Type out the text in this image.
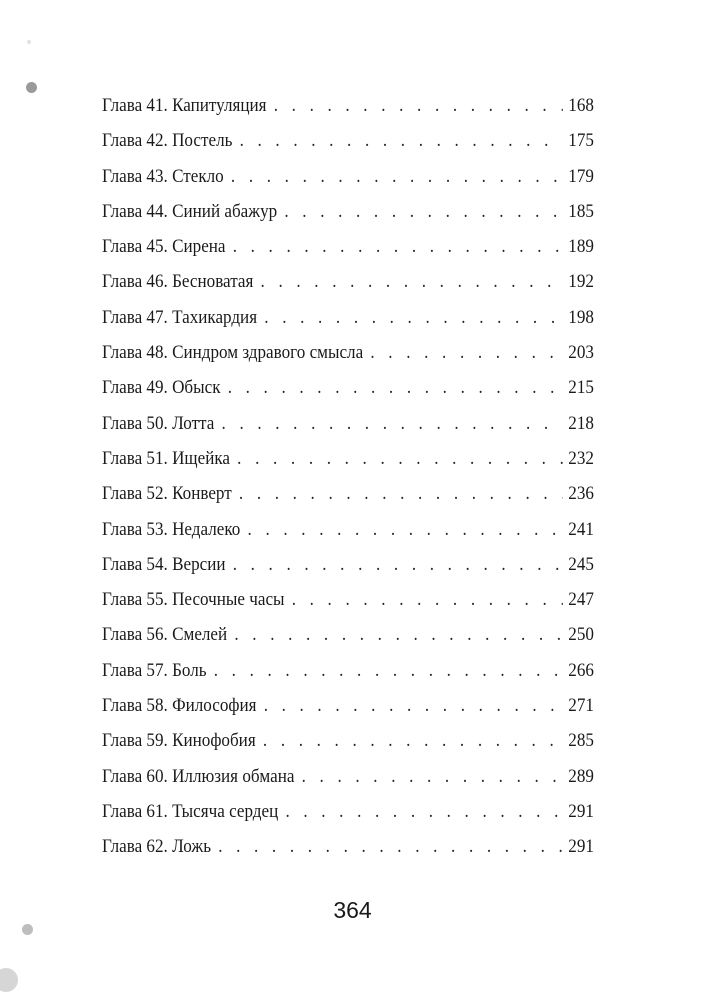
Глава 41. Капитуляция . . .	168
Глава 42. Постель . . .	175
Глава 43. Стекло . . .	179
Глава 44. Синий абажур . . .	185
Глава 45. Сирена . . .	189
Глава 46. Бесноватая . . .	192
Глава 47. Тахикардия . . .	198
Глава 48. Синдром здравого смысла . . .	203
Глава 49. Обыск . . .	215
Глава 50. Лотта . . .	218
Глава 51. Ищейка . . .	232
Глава 52. Конверт . . .	236
Глава 53. Недалеко . . .	241
Глава 54. Версии . . .	245
Глава 55. Песочные часы . . .	247
Глава 56. Смелей . . .	250
Глава 57. Боль . . .	266
Глава 58. Философия . . .	271
Глава 59. Кинофобия . . .	285
Глава 60. Иллюзия обмана . . .	289
Глава 61. Тысяча сердец . . .	291
Глава 62. Ложь . . .	291
364
